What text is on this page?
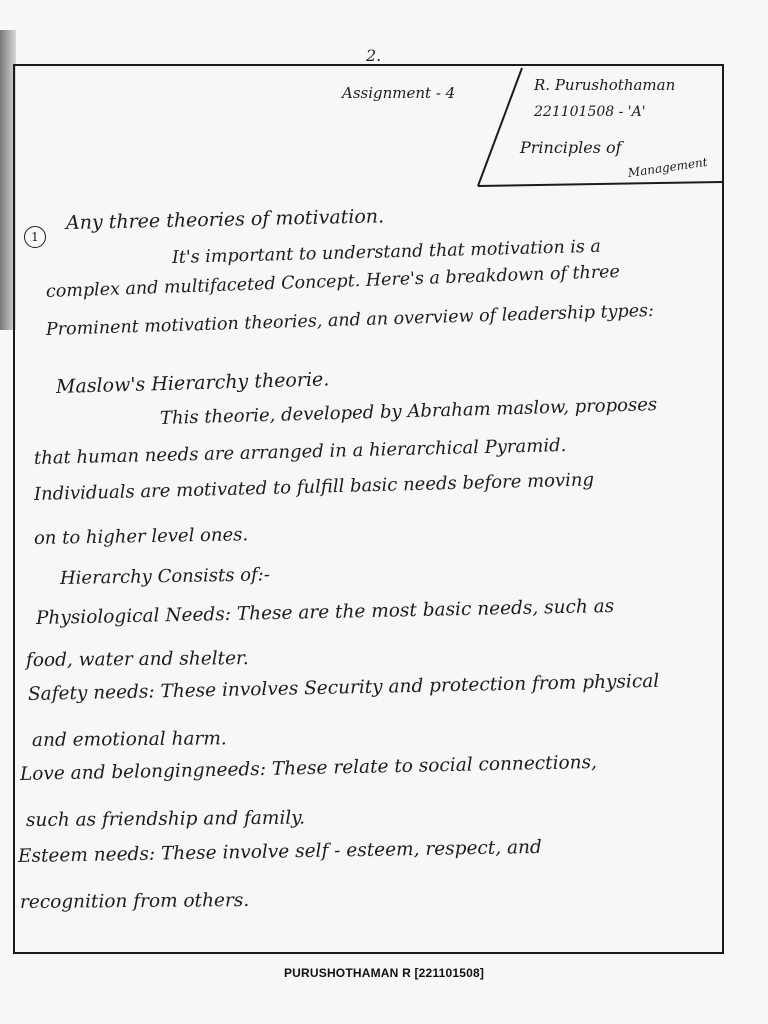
2.
Assignment - 4	R. Purushothaman
221101508 - 'A'
Principles of
Management
1
Any three theories of motivation.
It's important to understand that motivation is a
complex and multifaceted Concept. Here's a breakdown of three
Prominent motivation theories, and an overview of leadership types:
Maslow's Hierarchy theorie.
This theorie, developed by Abraham maslow, proposes
that human needs are arranged in a hierarchical Pyramid.
Individuals are motivated to fulfill basic needs before moving
on to higher level ones.
Hierarchy Consists of:-
Physiological Needs: These are the most basic needs, such as
food, water and shelter.
Safety needs: These involves Security and protection from physical
and emotional harm.
Love and belongingneeds: These relate to social connections,
such as friendship and family.
Esteem needs: These involve self - esteem, respect, and
recognition from others.
PURUSHOTHAMAN R [221101508]
